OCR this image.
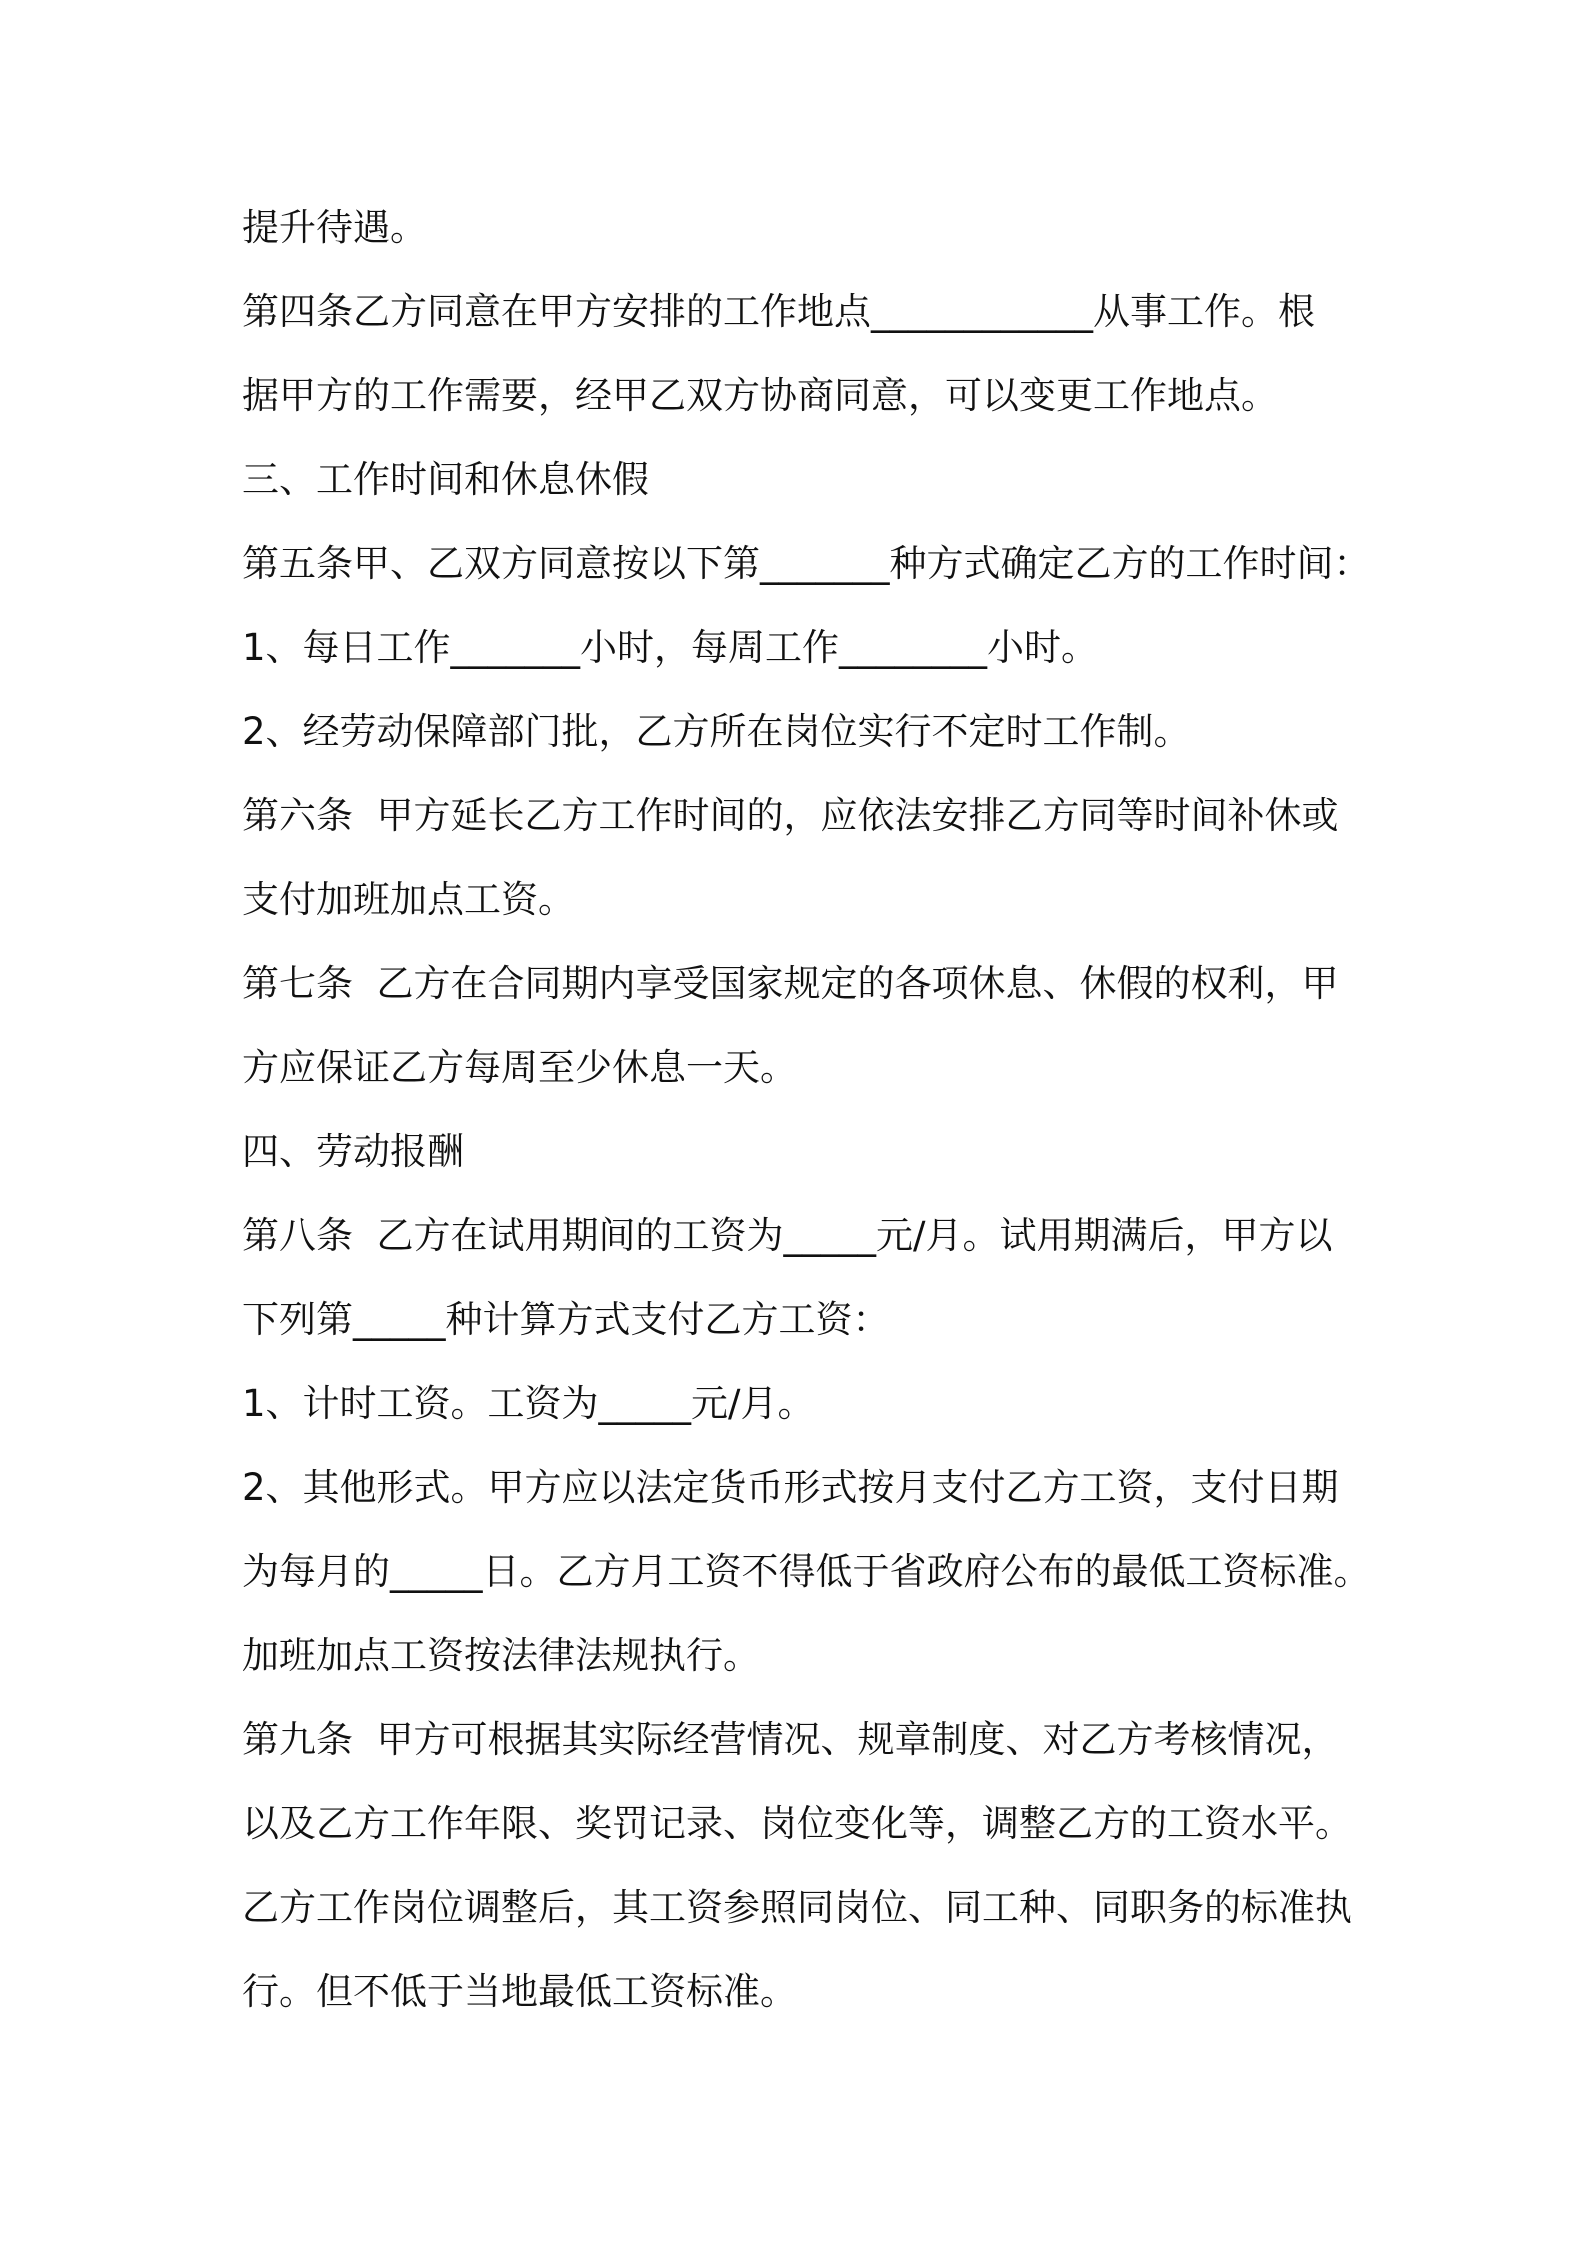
提升待遇。
第四条乙方同意在甲方安排的工作地点____________从事工作。根
据甲方的工作需要，经甲乙双方协商同意，可以变更工作地点。
三、工作时间和休息休假
第五条甲、乙双方同意按以下第_______种方式确定乙方的工作时间：
1、每日工作_______小时，每周工作________小时。
2、经劳动保障部门批，乙方所在岗位实行不定时工作制。
第六条  甲方延长乙方工作时间的，应依法安排乙方同等时间补休或
支付加班加点工资。
第七条  乙方在合同期内享受国家规定的各项休息、休假的权利，甲
方应保证乙方每周至少休息一天。
四、劳动报酬
第八条  乙方在试用期间的工资为_____元/月。试用期满后，甲方以
下列第_____种计算方式支付乙方工资：
1、计时工资。工资为_____元/月。
2、其他形式。甲方应以法定货币形式按月支付乙方工资，支付日期
为每月的_____日。乙方月工资不得低于省政府公布的最低工资标准。
加班加点工资按法律法规执行。
第九条  甲方可根据其实际经营情况、规章制度、对乙方考核情况，
以及乙方工作年限、奖罚记录、岗位变化等，调整乙方的工资水平。
乙方工作岗位调整后，其工资参照同岗位、同工种、同职务的标准执
行。但不低于当地最低工资标准。
